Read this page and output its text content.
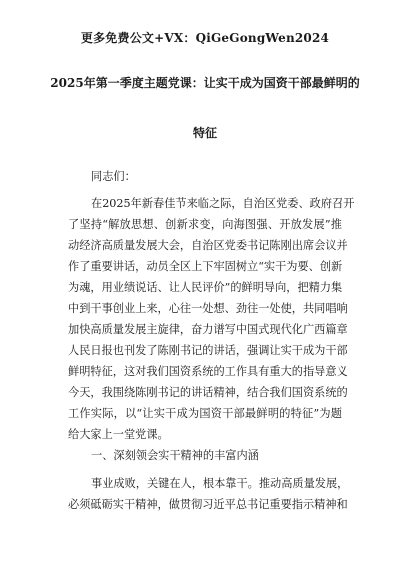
更多免费公文+VX：QiGeGongWen2024
2025年第一季度主题党课：让实干成为国资干部最鲜明的
特征
同志们：
在2025年新春佳节来临之际，自治区党委、政府召开
了坚持“解放思想、创新求变，向海图强、开放发展”推
动经济高质量发展大会，自治区党委书记陈刚出席会议并
作了重要讲话，动员全区上下牢固树立“实干为要、创新
为魂，用业绩说话、让人民评价”的鲜明导向，把精力集
中到干事创业上来，心往一处想、劲往一处使，共同唱响
加快高质量发展主旋律，奋力谱写中国式现代化广西篇章
人民日报也刊发了陈刚书记的讲话，强调让实干成为干部
鲜明特征，这对我们国资系统的工作具有重大的指导意义
今天，我围绕陈刚书记的讲话精神，结合我们国资系统的
工作实际，以“让实干成为国资干部最鲜明的特征”为题
给大家上一堂党课。
一、深刻领会实干精神的丰富内涵
事业成败，关键在人，根本靠干。推动高质量发展，
必须砥砺实干精神，做贯彻习近平总书记重要指示精神和
